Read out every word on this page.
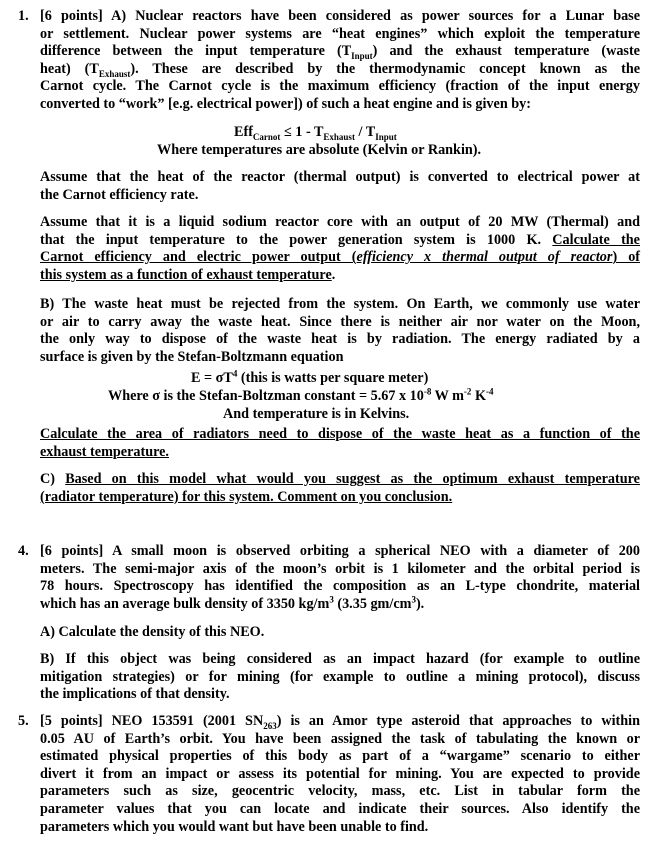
1. [6 points] A) Nuclear reactors have been considered as power sources for a Lunar base
or settlement. Nuclear power systems are “heat engines” which exploit the temperature
difference between the input temperature $(T_{Input})$ and the exhaust temperature (waste
heat) $(T_{Exhaust})$. These are described by the thermodynamic concept known as the
Carnot cycle. The Carnot cycle is the maximum efficiency (fraction of the input energy
converted to “work” [e.g. electrical power]) of such a heat engine and is given by:
$Eff_{Carnot} \le 1 - T_{Exhaust} / T_{Input}$
Where temperatures are absolute (Kelvin or Rankin).
Assume that the heat of the reactor (thermal output) is converted to electrical power at
the Carnot efficiency rate.
Assume that it is a liquid sodium reactor core with an output of 20 MW (Thermal) and
that the input temperature to the power generation system is 1000 K. Calculate the
Carnot efficiency and electric power output (efficiency x thermal output of reactor) of
this system as a function of exhaust temperature.
B) The waste heat must be rejected from the system. On Earth, we commonly use water
or air to carry away the waste heat. Since there is neither air nor water on the Moon,
the only way to dispose of the waste heat is by radiation. The energy radiated by a
surface is given by the Stefan-Boltzmann equation
$E = \sigma T^4$ (this is watts per square meter)
Where σ is the Stefan-Boltzman constant = 5.67 x $10^{-8}$ W $m^{-2}$ $K^{-4}$
And temperature is in Kelvins.
Calculate the area of radiators need to dispose of the waste heat as a function of the
exhaust temperature.
C) Based on this model what would you suggest as the optimum exhaust temperature
(radiator temperature) for this system. Comment on you conclusion.
4. [6 points] A small moon is observed orbiting a spherical NEO with a diameter of 200
meters. The semi-major axis of the moon’s orbit is 1 kilometer and the orbital period is
78 hours. Spectroscopy has identified the composition as an L-type chondrite, material
which has an average bulk density of 3350 $kg/m^3$ (3.35 $gm/cm^3$).
A) Calculate the density of this NEO.
B) If this object was being considered as an impact hazard (for example to outline
mitigation strategies) or for mining (for example to outline a mining protocol), discuss
the implications of that density.
5. [5 points] NEO 153591 (2001 $SN_{263}$) is an Amor type asteroid that approaches to within
0.05 AU of Earth’s orbit. You have been assigned the task of tabulating the known or
estimated physical properties of this body as part of a “wargame” scenario to either
divert it from an impact or assess its potential for mining. You are expected to provide
parameters such as size, geocentric velocity, mass, etc. List in tabular form the
parameter values that you can locate and indicate their sources. Also identify the
parameters which you would want but have been unable to find.
